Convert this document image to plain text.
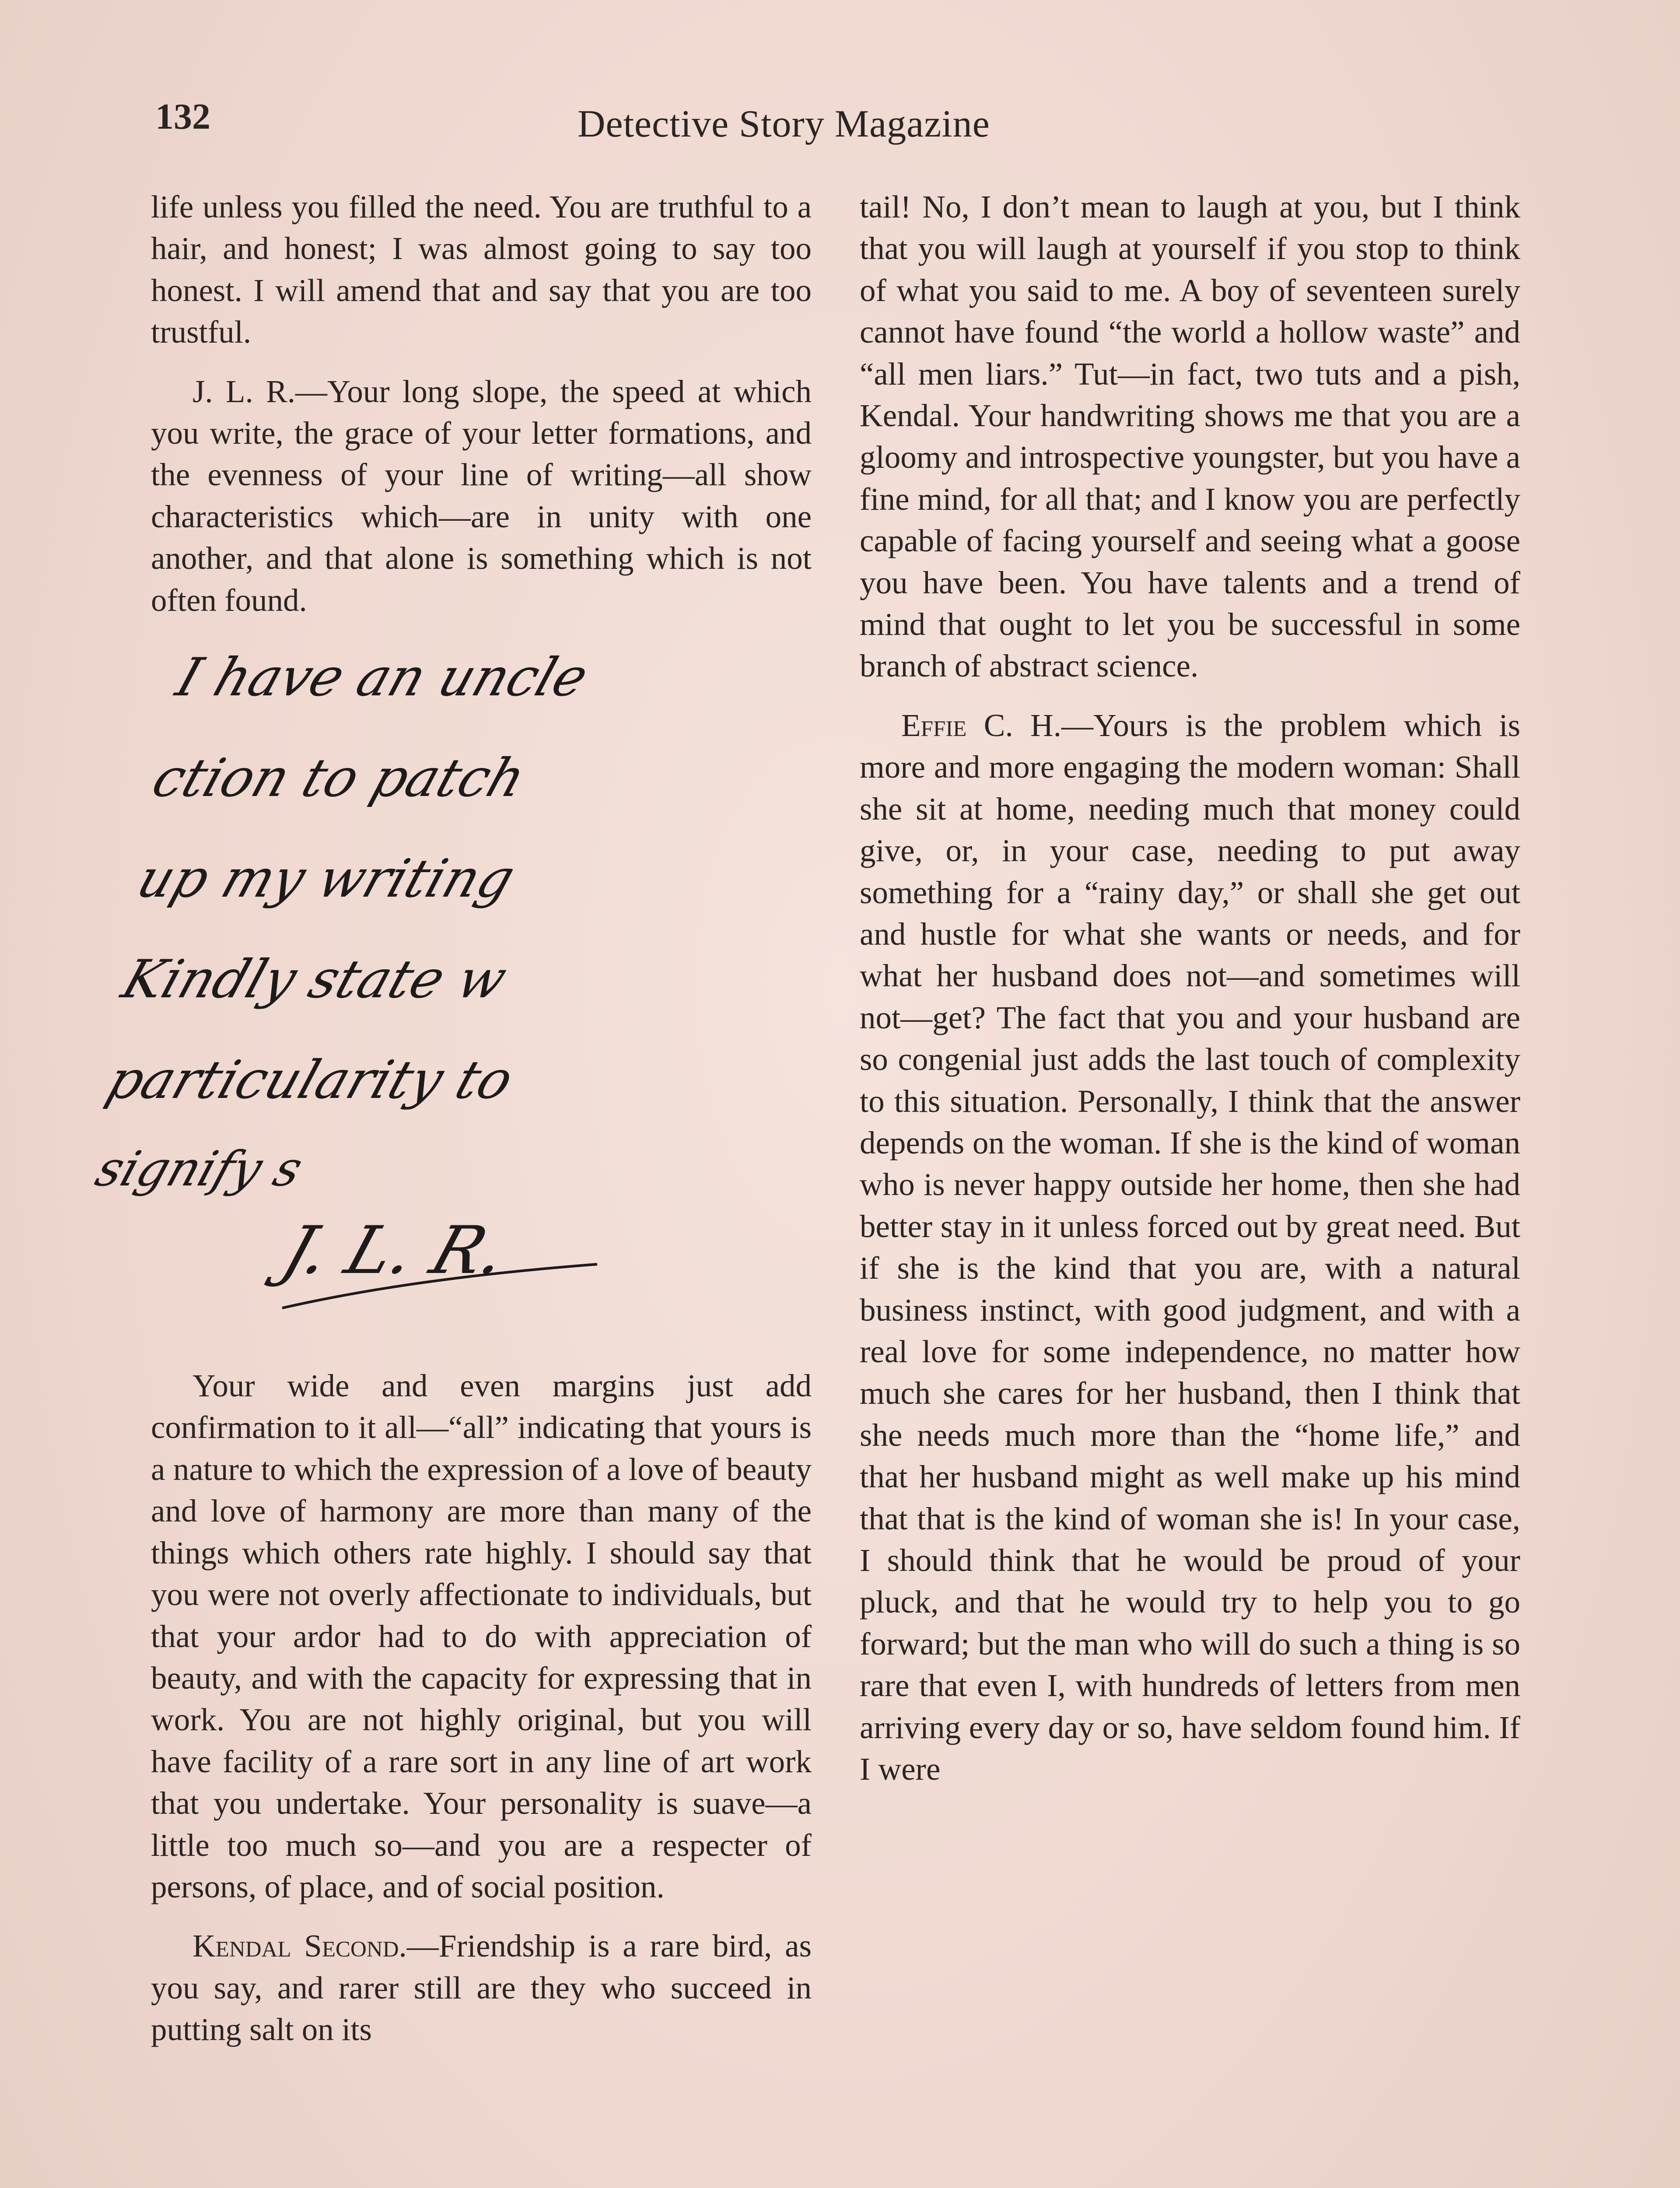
132	Detective Story Magazine

life unless you filled the need. You are truthful to a hair, and honest; I was almost going to say too honest. I will amend that and say that you are too trustful.

J. L. R.—Your long slope, the speed at which you write, the grace of your letter formations, and the evenness of your line of writing—all show characteristics which—are in unity with one another, and that alone is something which is not often found.

I have an uncle
ction to patch
up my writing
Kindly state w
particularity to
signify s
J. L. R.

Your wide and even margins just add confirmation to it all—“all” indicating that yours is a nature to which the expression of a love of beauty and love of harmony are more than many of the things which others rate highly. I should say that you were not overly affectionate to individuals, but that your ardor had to do with appreciation of beauty, and with the capacity for expressing that in work. You are not highly original, but you will have facility of a rare sort in any line of art work that you undertake. Your personality is suave—a little too much so—and you are a respecter of persons, of place, and of social position.

Kendal Second.—Friendship is a rare bird, as you say, and rarer still are they who succeed in putting salt on its

tail! No, I don’t mean to laugh at you, but I think that you will laugh at yourself if you stop to think of what you said to me. A boy of seventeen surely cannot have found “the world a hollow waste” and “all men liars.” Tut—in fact, two tuts and a pish, Kendal. Your handwriting shows me that you are a gloomy and introspective youngster, but you have a fine mind, for all that; and I know you are perfectly capable of facing yourself and seeing what a goose you have been. You have talents and a trend of mind that ought to let you be successful in some branch of abstract science.

Effie C. H.—Yours is the problem which is more and more engaging the modern woman: Shall she sit at home, needing much that money could give, or, in your case, needing to put away something for a “rainy day,” or shall she get out and hustle for what she wants or needs, and for what her husband does not—and sometimes will not—get? The fact that you and your husband are so congenial just adds the last touch of complexity to this situation. Personally, I think that the answer depends on the woman. If she is the kind of woman who is never happy outside her home, then she had better stay in it unless forced out by great need. But if she is the kind that you are, with a natural business instinct, with good judgment, and with a real love for some independence, no matter how much she cares for her husband, then I think that she needs much more than the “home life,” and that her husband might as well make up his mind that that is the kind of woman she is! In your case, I should think that he would be proud of your pluck, and that he would try to help you to go forward; but the man who will do such a thing is so rare that even I, with hundreds of letters from men arriving every day or so, have seldom found him. If I were
